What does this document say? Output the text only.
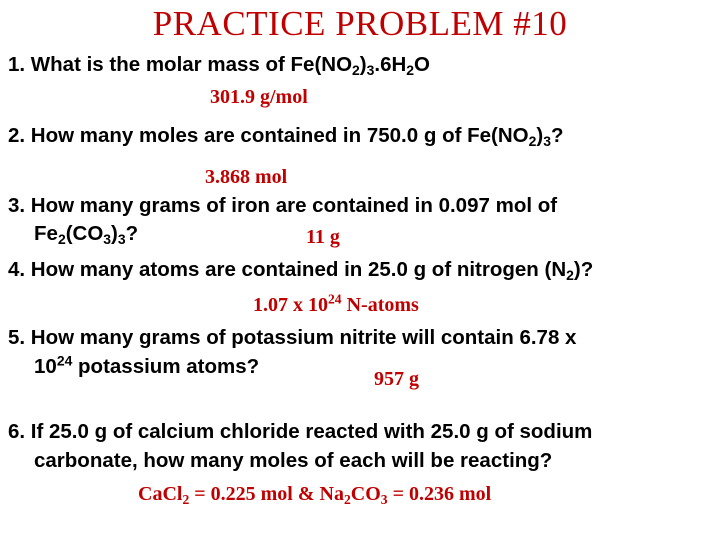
PRACTICE PROBLEM #10
1. What is the molar mass of $Fe(NO_2)_3.6H_2O$
301.9 g/mol
2. How many moles are contained in 750.0 g of $Fe(NO_2)_3$?
3.868 mol
3. How many grams of iron are contained in 0.097 mol of
$Fe_2(CO_3)_3$?	11 g
4. How many atoms are contained in 25.0 g of nitrogen $(N_2)$?
1.07 x $10^{24}$ N-atoms
5. How many grams of potassium nitrite will contain 6.78 x
$10^{24}$ potassium atoms?
957 g
6. If 25.0 g of calcium chloride reacted with 25.0 g of sodium
carbonate, how many moles of each will be reacting?
CaCl$_2$ = 0.225 mol & $Na_2CO_3 = 0.236$ mol
